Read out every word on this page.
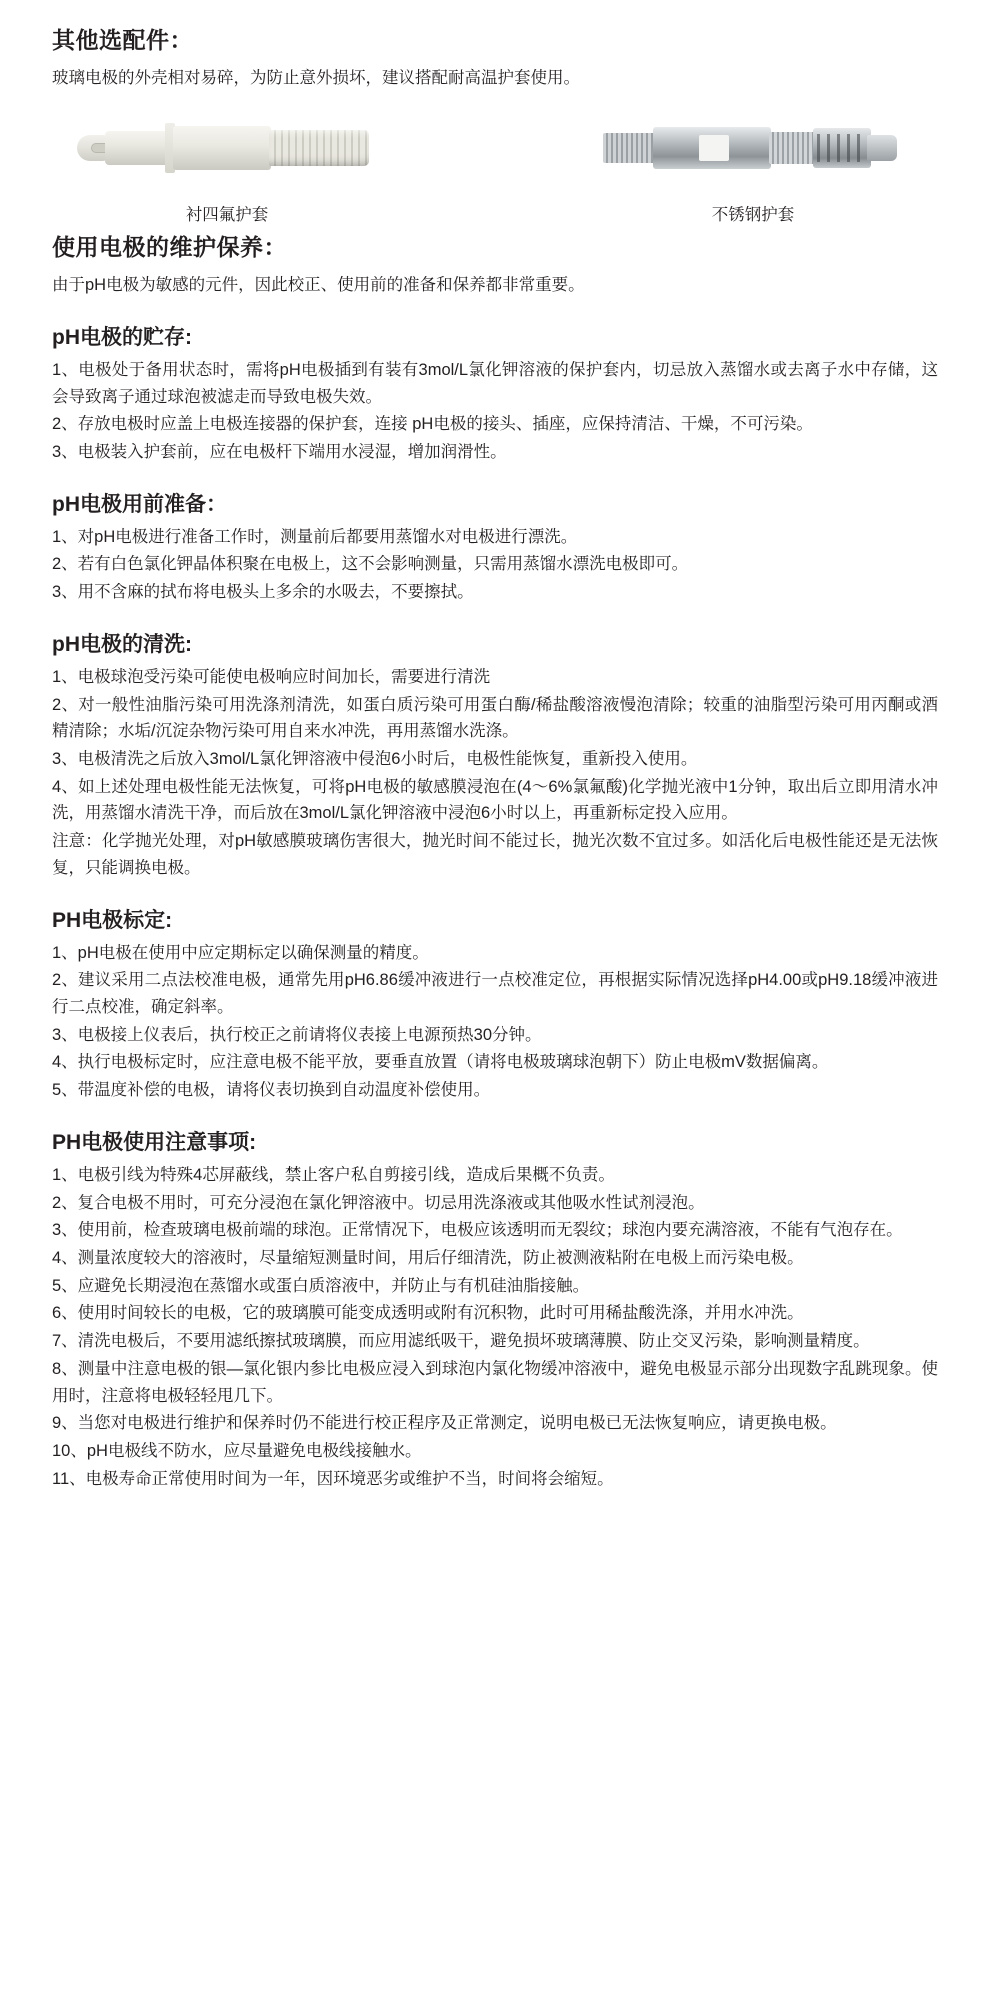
其他选配件：

玻璃电极的外壳相对易碎，为防止意外损坏，建议搭配耐高温护套使用。

衬四氟护套	不锈钢护套
使用电极的维护保养：

由于pH电极为敏感的元件，因此校正、使用前的准备和保养都非常重要。

pH电极的贮存:

1、电极处于备用状态时，需将pH电极插到有装有3mol/L氯化钾溶液的保护套内，切忌放入蒸馏水或去离子水中存储，这会导致离子通过球泡被滤走而导致电极失效。

2、存放电极时应盖上电极连接器的保护套，连接 pH电极的接头、插座，应保持清洁、干燥，不可污染。

3、电极装入护套前，应在电极杆下端用水浸湿，增加润滑性。

pH电极用前准备：

1、对pH电极进行准备工作时，测量前后都要用蒸馏水对电极进行漂洗。

2、若有白色氯化钾晶体积聚在电极上，这不会影响测量，只需用蒸馏水漂洗电极即可。

3、用不含麻的拭布将电极头上多余的水吸去，不要擦拭。

pH电极的清洗:

1、电极球泡受污染可能使电极响应时间加长，需要进行清洗

2、对一般性油脂污染可用洗涤剂清洗，如蛋白质污染可用蛋白酶/稀盐酸溶液慢泡清除；较重的油脂型污染可用丙酮或酒精清除；水垢/沉淀杂物污染可用自来水冲洗，再用蒸馏水洗涤。

3、电极清洗之后放入3mol/L氯化钾溶液中侵泡6小时后，电极性能恢复，重新投入使用。

4、如上述处理电极性能无法恢复，可将pH电极的敏感膜浸泡在(4～6%氯氟酸)化学抛光液中1分钟，取出后立即用清水冲洗，用蒸馏水清洗干净，而后放在3mol/L氯化钾溶液中浸泡6小时以上，再重新标定投入应用。

注意：化学抛光处理，对pH敏感膜玻璃伤害很大，抛光时间不能过长，抛光次数不宜过多。如活化后电极性能还是无法恢复，只能调换电极。

PH电极标定:

1、pH电极在使用中应定期标定以确保测量的精度。

2、建议采用二点法校准电极，通常先用pH6.86缓冲液进行一点校准定位，再根据实际情况选择pH4.00或pH9.18缓冲液进行二点校准，确定斜率。

3、电极接上仪表后，执行校正之前请将仪表接上电源预热30分钟。

4、执行电极标定时，应注意电极不能平放，要垂直放置（请将电极玻璃球泡朝下）防止电极mV数据偏离。

5、带温度补偿的电极，请将仪表切换到自动温度补偿使用。

PH电极使用注意事项:

1、电极引线为特殊4芯屏蔽线，禁止客户私自剪接引线，造成后果概不负责。

2、复合电极不用时，可充分浸泡在氯化钾溶液中。切忌用洗涤液或其他吸水性试剂浸泡。

3、使用前，检查玻璃电极前端的球泡。正常情况下，电极应该透明而无裂纹；球泡内要充满溶液，不能有气泡存在。

4、测量浓度较大的溶液时，尽量缩短测量时间，用后仔细清洗，防止被测液粘附在电极上而污染电极。

5、应避免长期浸泡在蒸馏水或蛋白质溶液中，并防止与有机硅油脂接触。

6、使用时间较长的电极，它的玻璃膜可能变成透明或附有沉积物，此时可用稀盐酸洗涤，并用水冲洗。

7、清洗电极后，不要用滤纸擦拭玻璃膜，而应用滤纸吸干，避免损坏玻璃薄膜、防止交叉污染，影响测量精度。

8、测量中注意电极的银—氯化银内参比电极应浸入到球泡内氯化物缓冲溶液中，避免电极显示部分出现数字乱跳现象。使用时，注意将电极轻轻甩几下。

9、当您对电极进行维护和保养时仍不能进行校正程序及正常测定，说明电极已无法恢复响应，请更换电极。

10、pH电极线不防水，应尽量避免电极线接触水。

11、电极寿命正常使用时间为一年，因环境恶劣或维护不当，时间将会缩短。
